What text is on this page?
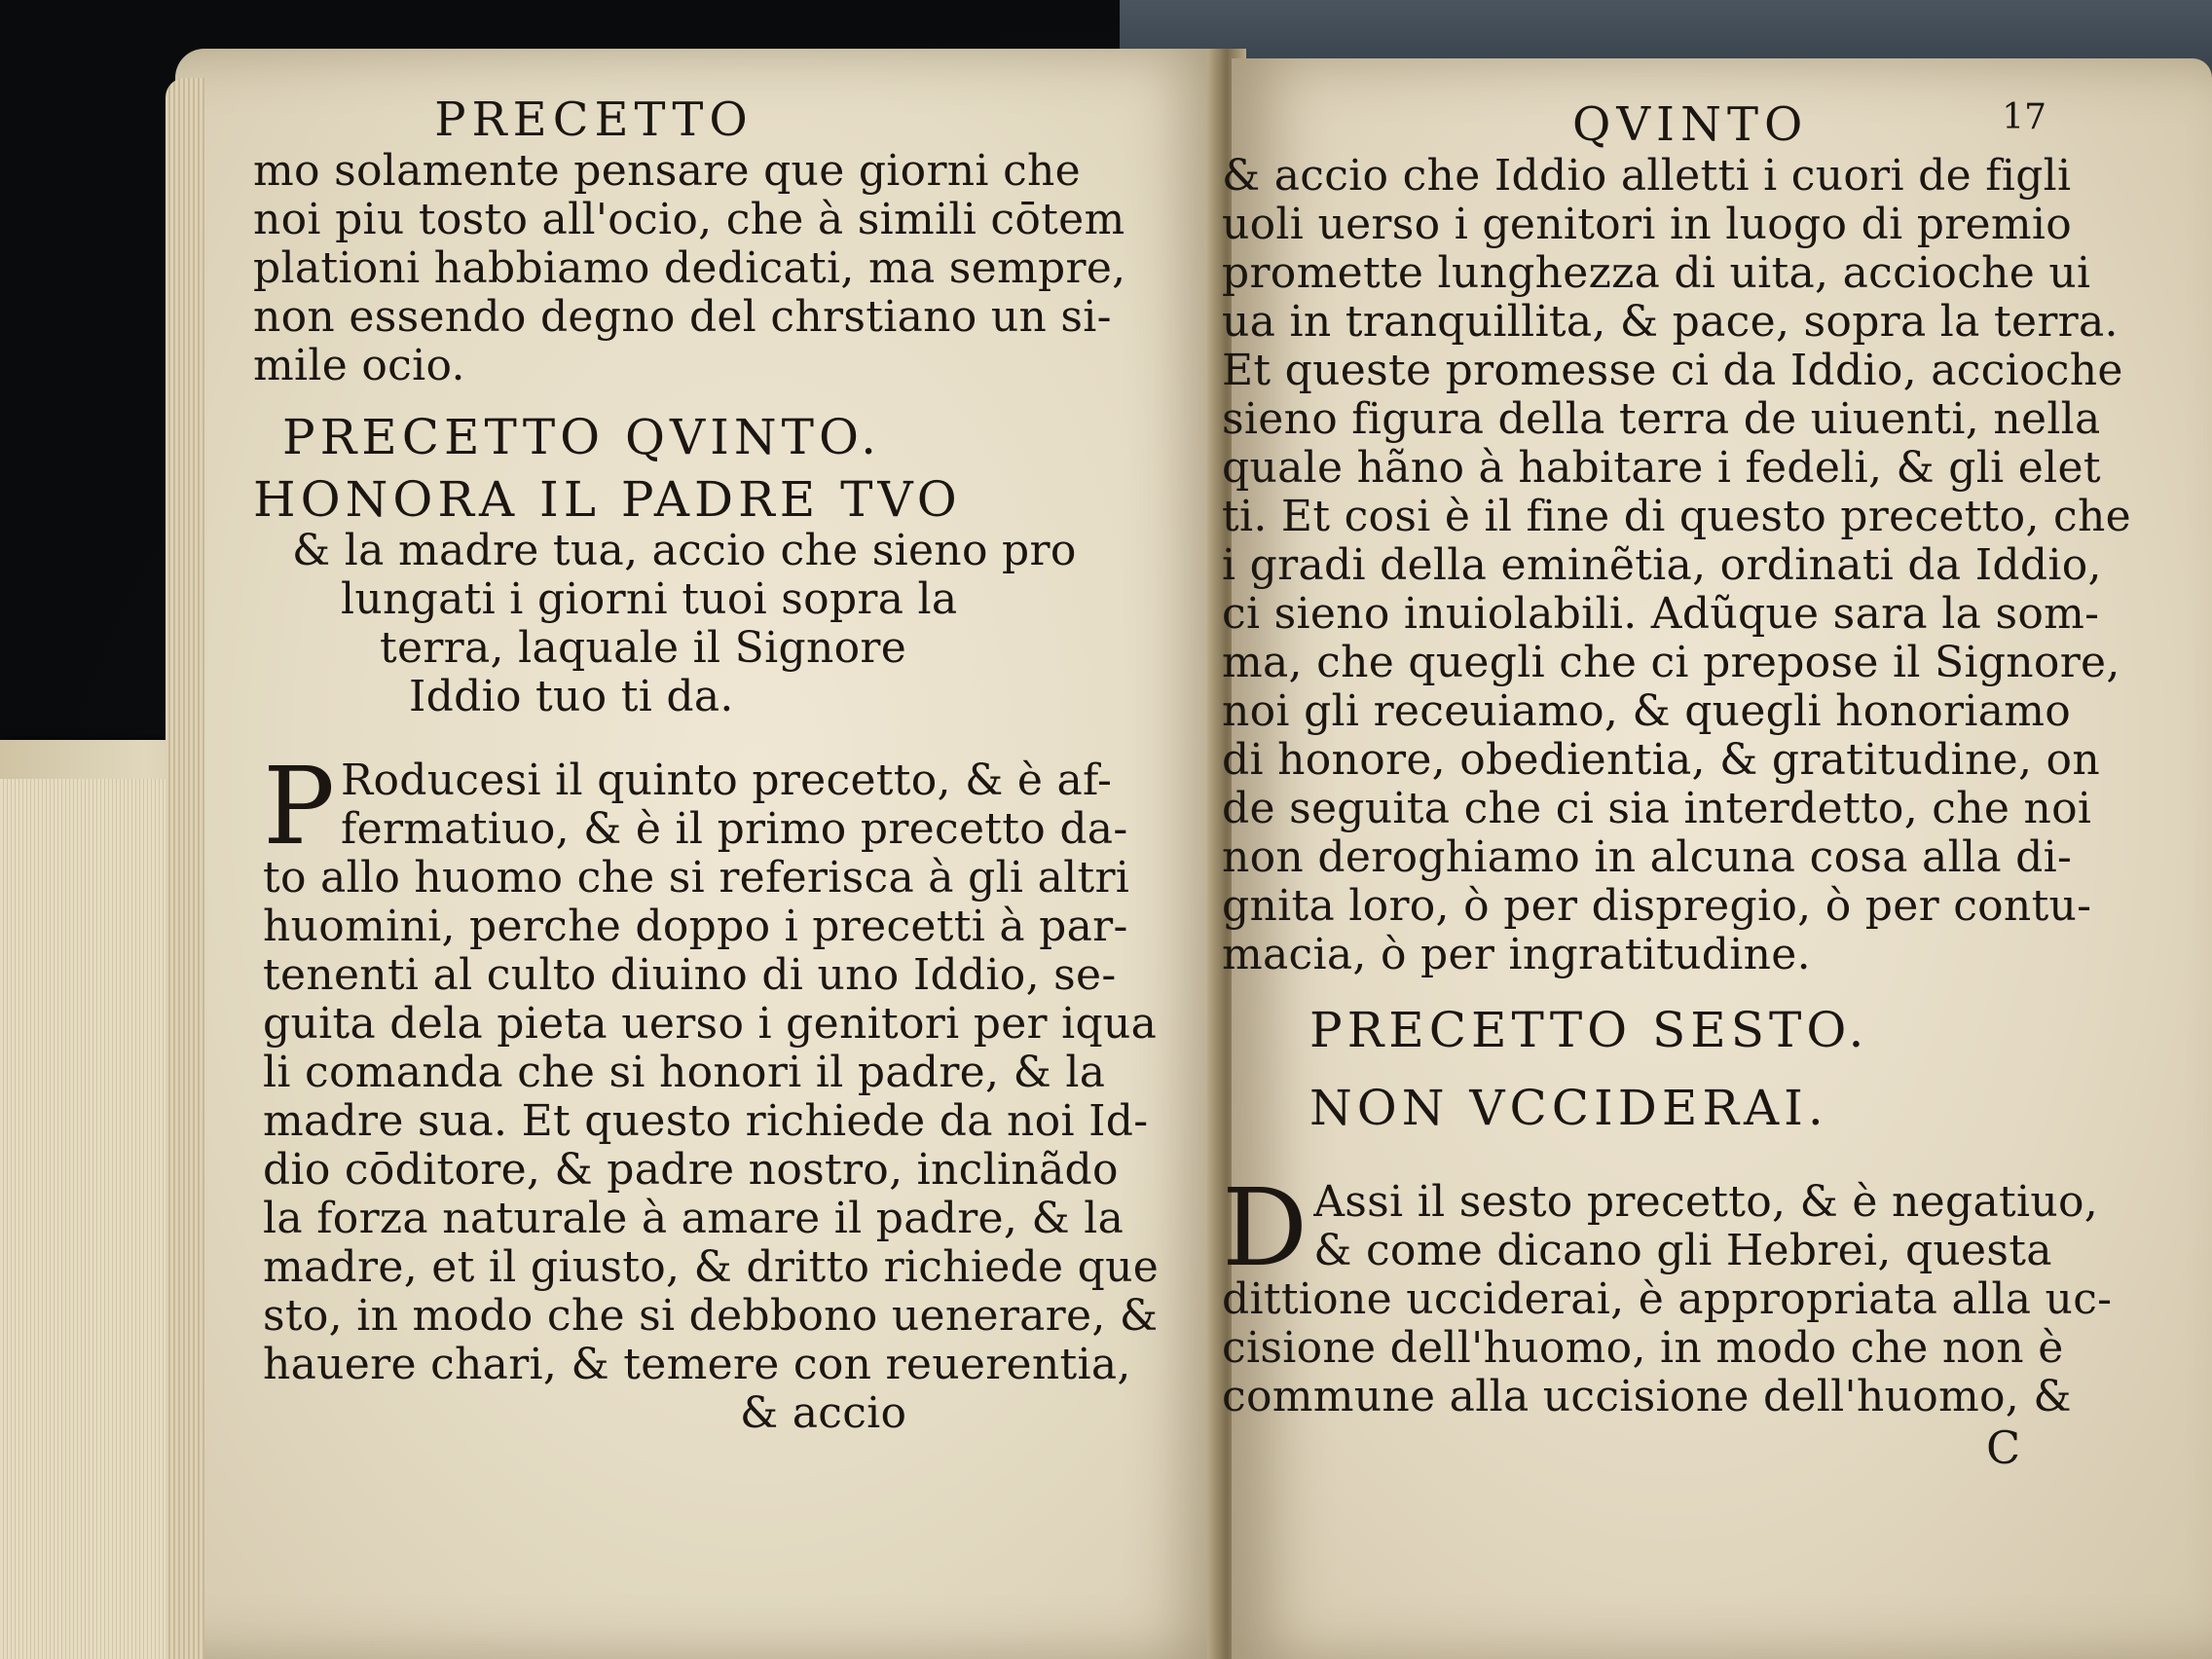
PRECETTO
mo solamente pensare que giorni che
noi piu tosto all'ocio, che à simili cōtem
plationi habbiamo dedicati, ma sempre,
non essendo degno del chrstiano un si-
mile ocio.
PRECETTO QVINTO.
HONORA IL PADRE TVO
& la madre tua, accio che sieno pro
lungati i giorni tuoi sopra la
terra, laquale il Signore
Iddio tuo ti da.
P Roducesi il quinto precetto, & è af-
fermatiuo, & è il primo precetto da-
to allo huomo che si referisca à gli altri
huomini, perche doppo i precetti à par-
tenenti al culto diuino di uno Iddio, se-
guita dela pieta uerso i genitori per iqua
li comanda che si honori il padre, & la
madre sua. Et questo richiede da noi Id-
dio cōditore, & padre nostro, inclinãdo
la forza naturale à amare il padre, & la
madre, et il giusto, & dritto richiede que
sto, in modo che si debbono uenerare, &
hauere chari, & temere con reuerentia,
& accio
17
QVINTO
& accio che Iddio alletti i cuori de figli
uoli uerso i genitori in luogo di premio
promette lunghezza di uita, accioche ui
ua in tranquillita, & pace, sopra la terra.
Et queste promesse ci da Iddio, accioche
sieno figura della terra de uiuenti, nella
quale hãno à habitare i fedeli, & gli elet
ti. Et cosi è il fine di questo precetto, che
i gradi della eminẽtia, ordinati da Iddio,
ci sieno inuiolabili. Adũque sara la som-
ma, che quegli che ci prepose il Signore,
noi gli receuiamo, & quegli honoriamo
di honore, obedientia, & gratitudine, on
de seguita che ci sia interdetto, che noi
non deroghiamo in alcuna cosa alla di-
gnita loro, ò per dispregio, ò per contu-
macia, ò per ingratitudine.
PRECETTO SESTO.
NON VCCIDERAI.
D Assi il sesto precetto, & è negatiuo,
& come dicano gli Hebrei, questa
dittione ucciderai, è appropriata alla uc-
cisione dell'huomo, in modo che non è
commune alla uccisione dell'huomo, &
C
